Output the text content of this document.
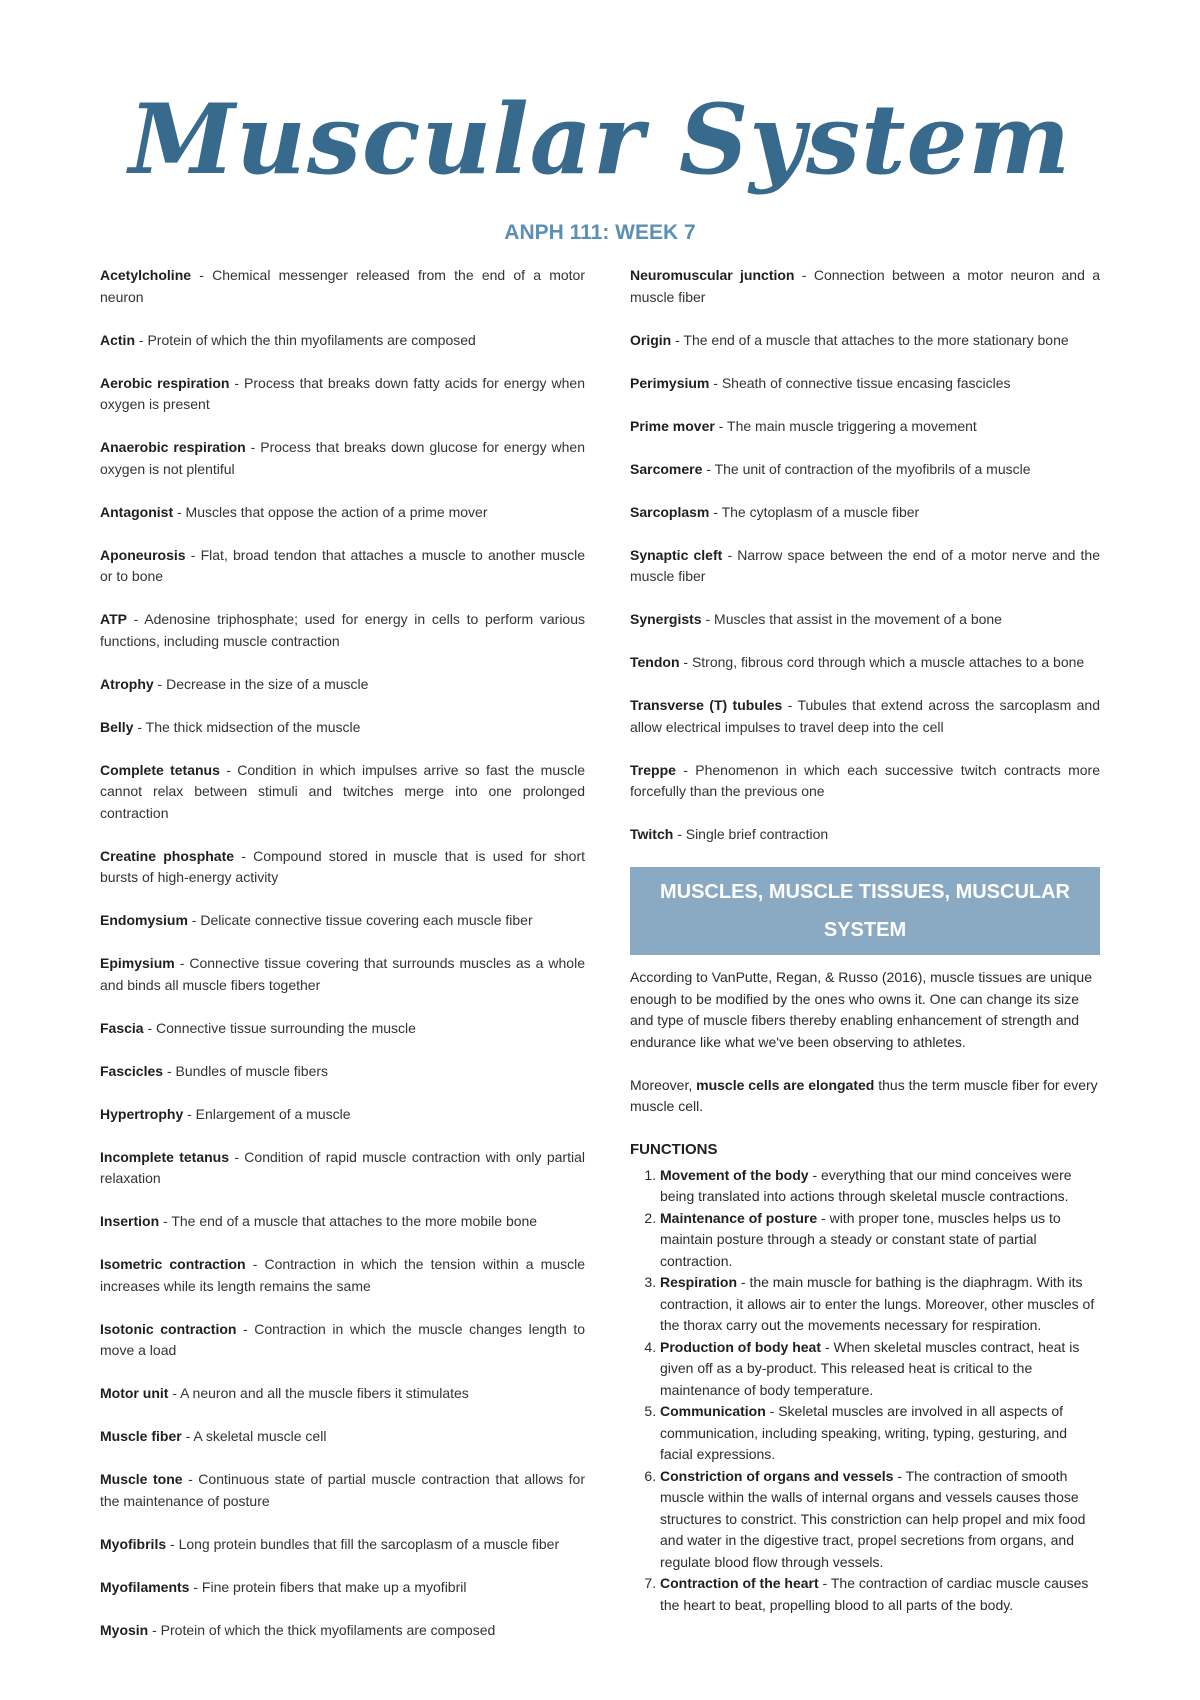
Muscular System
ANPH 111: WEEK 7

Acetylcholine - Chemical messenger released from the end of a motor neuron

Actin - Protein of which the thin myofilaments are composed

Aerobic respiration - Process that breaks down fatty acids for energy when oxygen is present

Anaerobic respiration - Process that breaks down glucose for energy when oxygen is not plentiful

Antagonist - Muscles that oppose the action of a prime mover

Aponeurosis - Flat, broad tendon that attaches a muscle to another muscle or to bone

ATP - Adenosine triphosphate; used for energy in cells to perform various functions, including muscle contraction

Atrophy - Decrease in the size of a muscle

Belly - The thick midsection of the muscle

Complete tetanus - Condition in which impulses arrive so fast the muscle cannot relax between stimuli and twitches merge into one prolonged contraction

Creatine phosphate - Compound stored in muscle that is used for short bursts of high-energy activity

Endomysium - Delicate connective tissue covering each muscle fiber

Epimysium - Connective tissue covering that surrounds muscles as a whole and binds all muscle fibers together

Fascia - Connective tissue surrounding the muscle

Fascicles - Bundles of muscle fibers

Hypertrophy - Enlargement of a muscle

Incomplete tetanus - Condition of rapid muscle contraction with only partial relaxation

Insertion - The end of a muscle that attaches to the more mobile bone

Isometric contraction - Contraction in which the tension within a muscle increases while its length remains the same

Isotonic contraction - Contraction in which the muscle changes length to move a load

Motor unit - A neuron and all the muscle fibers it stimulates

Muscle fiber - A skeletal muscle cell

Muscle tone - Continuous state of partial muscle contraction that allows for the maintenance of posture

Myofibrils - Long protein bundles that fill the sarcoplasm of a muscle fiber

Myofilaments - Fine protein fibers that make up a myofibril

Myosin - Protein of which the thick myofilaments are composed

Neuromuscular junction - Connection between a motor neuron and a muscle fiber

Origin - The end of a muscle that attaches to the more stationary bone

Perimysium - Sheath of connective tissue encasing fascicles

Prime mover - The main muscle triggering a movement

Sarcomere - The unit of contraction of the myofibrils of a muscle

Sarcoplasm - The cytoplasm of a muscle fiber

Synaptic cleft - Narrow space between the end of a motor nerve and the muscle fiber

Synergists - Muscles that assist in the movement of a bone

Tendon - Strong, fibrous cord through which a muscle attaches to a bone

Transverse (T) tubules - Tubules that extend across the sarcoplasm and allow electrical impulses to travel deep into the cell

Treppe - Phenomenon in which each successive twitch contracts more forcefully than the previous one

Twitch - Single brief contraction

MUSCLES, MUSCLE TISSUES, MUSCULAR SYSTEM

According to VanPutte, Regan, & Russo (2016), muscle tissues are unique enough to be modified by the ones who owns it. One can change its size and type of muscle fibers thereby enabling enhancement of strength and endurance like what we've been observing to athletes.

Moreover, muscle cells are elongated thus the term muscle fiber for every muscle cell.

FUNCTIONS
1. Movement of the body - everything that our mind conceives were being translated into actions through skeletal muscle contractions.
2. Maintenance of posture - with proper tone, muscles helps us to maintain posture through a steady or constant state of partial contraction.
3. Respiration - the main muscle for bathing is the diaphragm. With its contraction, it allows air to enter the lungs. Moreover, other muscles of the thorax carry out the movements necessary for respiration.
4. Production of body heat - When skeletal muscles contract, heat is given off as a by-product. This released heat is critical to the maintenance of body temperature.
5. Communication - Skeletal muscles are involved in all aspects of communication, including speaking, writing, typing, gesturing, and facial expressions.
6. Constriction of organs and vessels - The contraction of smooth muscle within the walls of internal organs and vessels causes those structures to constrict. This constriction can help propel and mix food and water in the digestive tract, propel secretions from organs, and regulate blood flow through vessels.
7. Contraction of the heart - The contraction of cardiac muscle causes the heart to beat, propelling blood to all parts of the body.
